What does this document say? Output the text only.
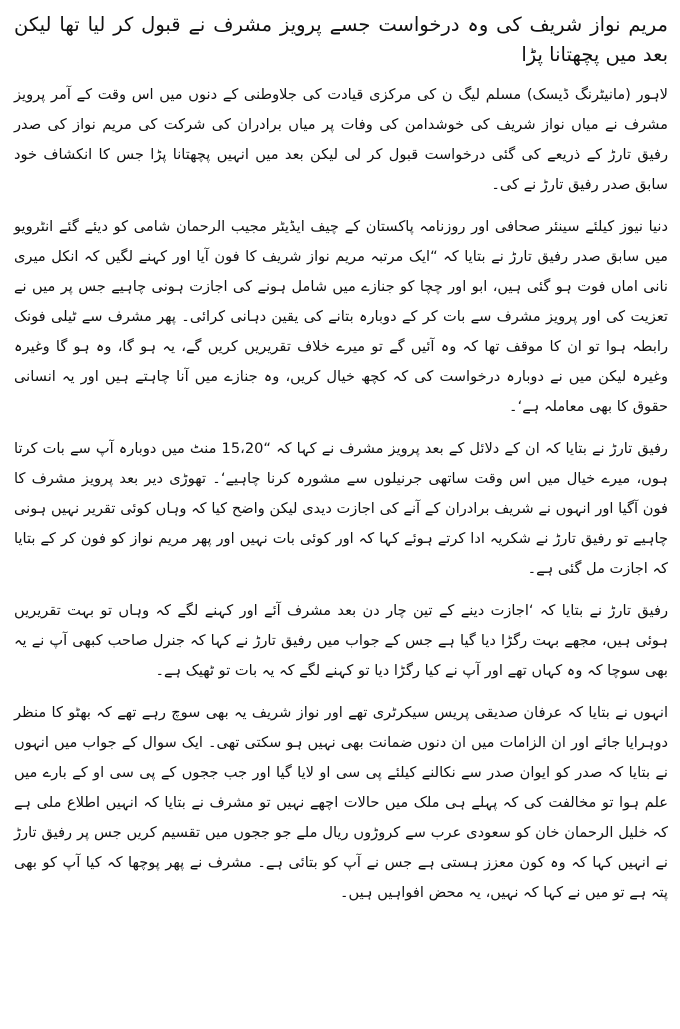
مریم نواز شریف کی وہ درخواست جسے پرویز مشرف نے قبول کر لیا تھا لیکن بعد میں پچھتانا پڑا

لاہور (مانیٹرنگ ڈیسک) مسلم لیگ ن کی مرکزی قیادت کی جلاوطنی کے دنوں میں اس وقت کے آمر پرویز مشرف نے میاں نواز شریف کی خوشدامن کی وفات پر میاں برادران کی شرکت کی مریم نواز کی صدر رفیق تارڑ کے ذریعے کی گئی درخواست قبول کر لی لیکن بعد میں انہیں پچھتانا پڑا جس کا انکشاف خود سابق صدر رفیق تارڑ نے کی۔

دنیا نیوز کیلئے سینئر صحافی اور روزنامہ پاکستان کے چیف ایڈیٹر مجیب الرحمان شامی کو دیئے گئے انٹرویو میں سابق صدر رفیق تارڑ نے بتایا کہ “ایک مرتبہ مریم نواز شریف کا فون آیا اور کہنے لگیں کہ انکل میری نانی اماں فوت ہو گئی ہیں، ابو اور چچا کو جنازے میں شامل ہونے کی اجازت ہونی چاہیے جس پر میں نے تعزیت کی اور پرویز مشرف سے بات کر کے دوبارہ بتانے کی یقین دہانی کرائی۔ پھر مشرف سے ٹیلی فونک رابطہ ہوا تو ان کا موقف تھا کہ وہ آئیں گے تو میرے خلاف تقریریں کریں گے، یہ ہو گا، وہ ہو گا وغیرہ وغیرہ لیکن میں نے دوبارہ درخواست کی کہ کچھ خیال کریں، وہ جنازے میں آنا چاہتے ہیں اور یہ انسانی حقوق کا بھی معاملہ ہے‘۔

رفیق تارڑ نے بتایا کہ ان کے دلائل کے بعد پرویز مشرف نے کہا کہ “15،20 منٹ میں دوبارہ آپ سے بات کرتا ہوں، میرے خیال میں اس وقت ساتھی جرنیلوں سے مشورہ کرنا چاہیے‘۔ تھوڑی دیر بعد پرویز مشرف کا فون آگیا اور انہوں نے شریف برادران کے آنے کی اجازت دیدی لیکن واضح کیا کہ وہاں کوئی تقریر نہیں ہونی چاہیے تو رفیق تارڑ نے شکریہ ادا کرتے ہوئے کہا کہ اور کوئی بات نہیں اور پھر مریم نواز کو فون کر کے بتایا کہ اجازت مل گئی ہے۔

رفیق تارڑ نے بتایا کہ ‘اجازت دینے کے تین چار دن بعد مشرف آئے اور کہنے لگے کہ وہاں تو بہت تقریریں ہوئی ہیں، مجھے بہت رگڑا دیا گیا ہے جس کے جواب میں رفیق تارڑ نے کہا کہ جنرل صاحب کبھی آپ نے یہ بھی سوچا کہ وہ کہاں تھے اور آپ نے کیا رگڑا دیا تو کہنے لگے کہ یہ بات تو ٹھیک ہے۔

انہوں نے بتایا کہ عرفان صدیقی پریس سیکرٹری تھے اور نواز شریف یہ بھی سوچ رہے تھے کہ بھٹو کا منظر دوہرایا جائے اور ان الزامات میں ان دنوں ضمانت بھی نہیں ہو سکتی تھی۔ ایک سوال کے جواب میں انہوں نے بتایا کہ صدر کو ایوان صدر سے نکالنے کیلئے پی سی او لایا گیا اور جب ججوں کے پی سی او کے بارے میں علم ہوا تو مخالفت کی کہ پہلے ہی ملک میں حالات اچھے نہیں تو مشرف نے بتایا کہ انہیں اطلاع ملی ہے کہ خلیل الرحمان خان کو سعودی عرب سے کروڑوں ریال ملے جو ججوں میں تقسیم کریں جس پر رفیق تارڑ نے انہیں کہا کہ وہ کون معزز ہستی ہے جس نے آپ کو بتائی ہے۔ مشرف نے پھر پوچھا کہ کیا آپ کو بھی پتہ ہے تو میں نے کہا کہ نہیں، یہ محض افواہیں ہیں۔
